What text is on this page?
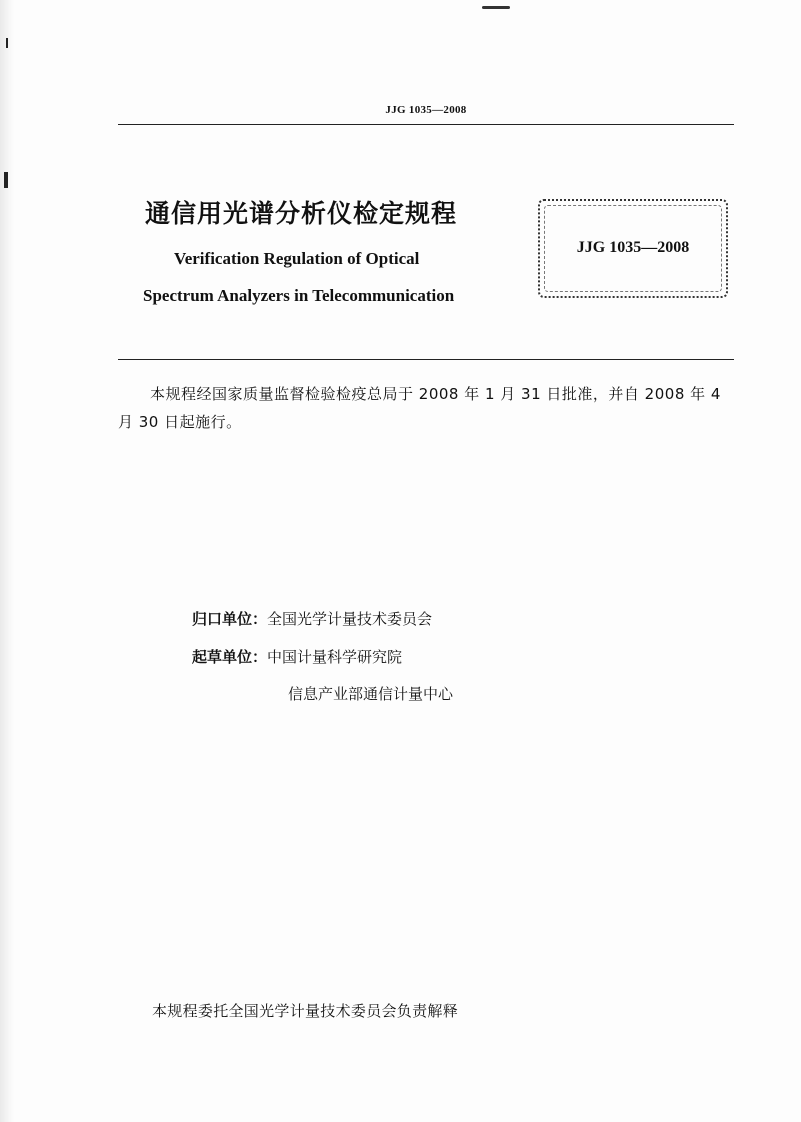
JJG 1035—2008
通信用光谱分析仪检定规程
Verification Regulation of Optical
Spectrum Analyzers in Telecommunication
JJG 1035—2008
本规程经国家质量监督检验检疫总局于 2008 年 1 月 31 日批准，并自 2008 年 4 月 30 日起施行。
归口单位：全国光学计量技术委员会
起草单位：中国计量科学研究院
信息产业部通信计量中心
本规程委托全国光学计量技术委员会负责解释
